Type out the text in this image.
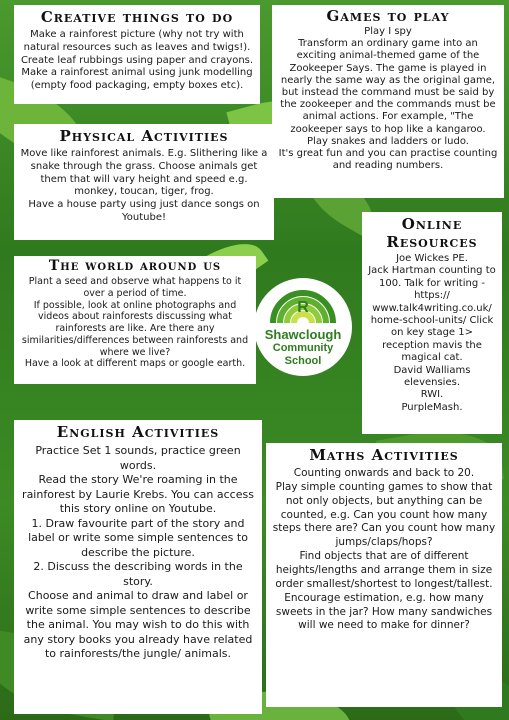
Creative things to do

Make a rainforest picture (why not try with natural resources such as leaves and twigs!).

Create leaf rubbings using paper and crayons.

Make a rainforest animal using junk modelling (empty food packaging, empty boxes etc).

Games to play

Play I spy

Transform an ordinary game into an exciting animal-themed game of the Zookeeper Says. The game is played in nearly the same way as the original game, but instead the command must be said by the zookeeper and the commands must be animal actions. For example, "The zookeeper says to hop like a kangaroo.

Play snakes and ladders or ludo.

It's great fun and you can practise counting and reading numbers.

Physical Activities

Move like rainforest animals. E.g. Slithering like a snake through the grass. Choose animals get them that will vary height and speed e.g. monkey, toucan, tiger, frog.

Have a house party using just dance songs on Youtube!	Online Resources

Joe Wickes PE.

Jack Hartman counting to 100. Talk for writing - https:// www.talk4writing.co.uk/ home-school-units/ Click on key stage 1> reception mavis the magical cat.

David Walliams elevensies.

RWI.

PurpleMash.

The world around us

Plant a seed and observe what happens to it over a period of time.

If possible, look at online photographs and videos about rainforests discussing what rainforests are like. Are there any similarities/differences between rainforests and where we live?

Have a look at different maps or google earth.

R
Shawclough
Community
School
English Activities

Practice Set 1 sounds, practice green words.

Read the story We're roaming in the rainforest by Laurie Krebs. You can access this story online on Youtube.

1. Draw favourite part of the story and label or write some simple sentences to describe the picture.

2. Discuss the describing words in the story.

Choose and animal to draw and label or write some simple sentences to describe the animal. You may wish to do this with any story books you already have related to rainforests/the jungle/ animals.

Maths Activities

Counting onwards and back to 20.

Play simple counting games to show that not only objects, but anything can be counted, e.g. Can you count how many steps there are? Can you count how many jumps/claps/hops?

Find objects that are of different heights/lengths and arrange them in size order smallest/shortest to longest/tallest.

Encourage estimation, e.g. how many sweets in the jar? How many sandwiches will we need to make for dinner?
